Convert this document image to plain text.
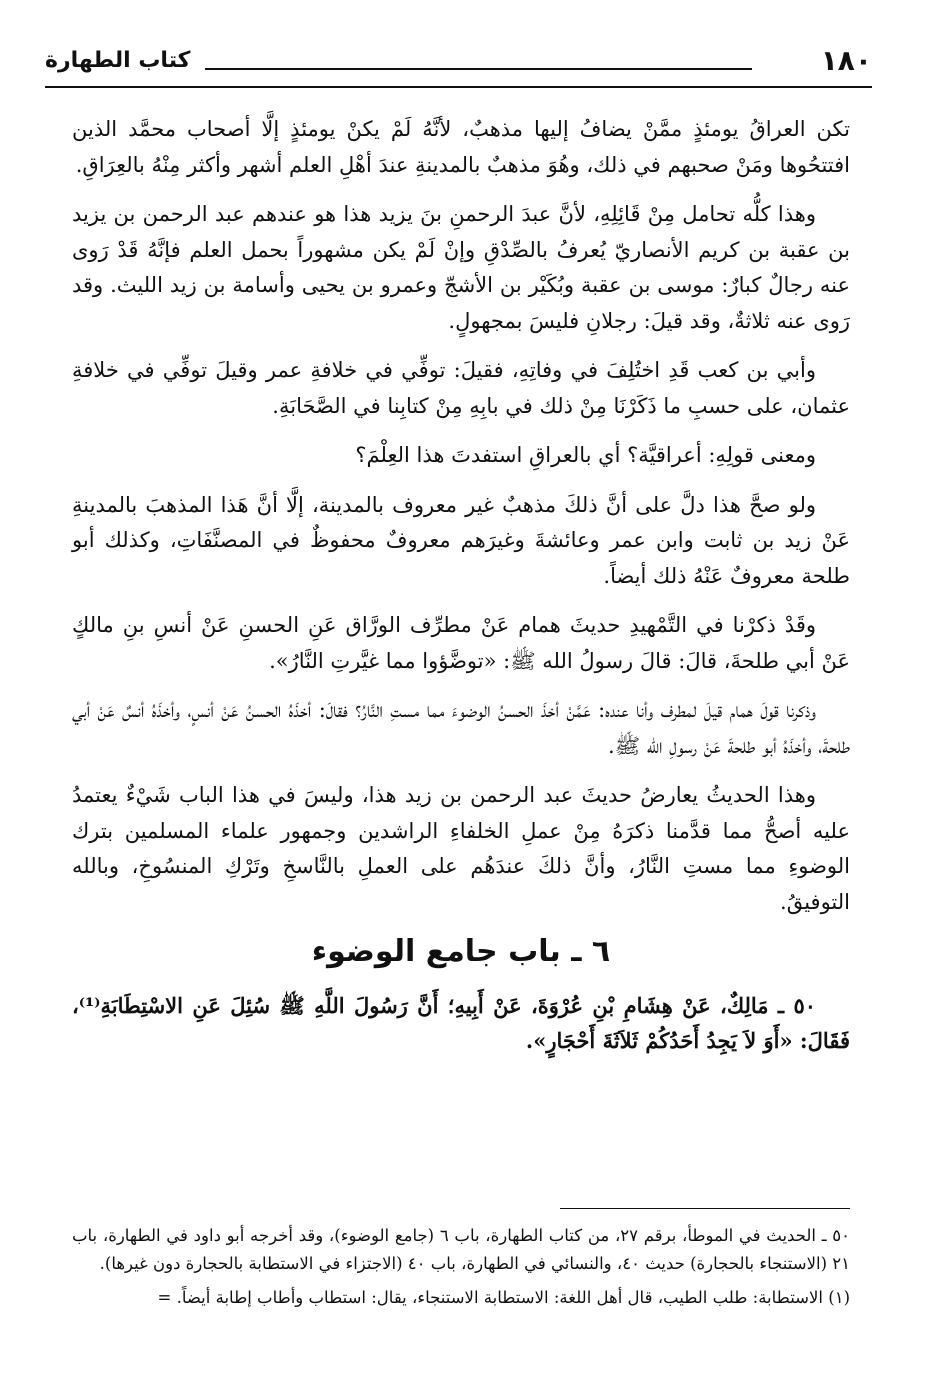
١٨٠
كتاب الطهارة

تكن العراقُ يومئذٍ ممَّنْ يضافُ إليها مذهبٌ، لأنَّهُ لَمْ يكنْ يومئذٍ إلَّا أصحاب محمَّد الذين افتتحُوها ومَنْ صحبهم في ذلك، وهُوَ مذهبٌ بالمدينةِ عندَ أهْلِ العلم أشهر وأكثر مِنْهُ بالعِرَاقِ.

وهذا كلُّه تحامل مِنْ قَائِلِهِ، لأنَّ عبدَ الرحمنِ بنَ يزيد هذا هو عندهم عبد الرحمن بن يزيد بن عقبة بن كريم الأنصاريّ يُعرفُ بالصِّدْقِ وإنْ لَمْ يكن مشهوراً بحمل العلم فإنَّهُ قَدْ رَوى عنه رجالٌ كبارٌ: موسى بن عقبة وبُكَيْر بن الأشجّ وعمرو بن يحيى وأسامة بن زيد الليث. وقد رَوى عنه ثلاثةٌ، وقد قيلَ: رجلانِ فليسَ بمجهولٍ.

وأبي بن كعب قَدِ اختُلِفَ في وفاتِهِ، فقيلَ: توفِّي في خلافةِ عمر وقيلَ توفِّي في خلافةِ عثمان، على حسبِ ما ذَكَرْنَا مِنْ ذلك في بابِهِ مِنْ كتابِنا في الصَّحَابَةِ.

ومعنى قولِهِ: أعراقيَّة؟ أي بالعراقِ استفدتَ هذا العِلْمَ؟

ولو صحَّ هذا دلَّ على أنَّ ذلكَ مذهبٌ غير معروف بالمدينة، إلَّا أنَّ هَذا المذهبَ بالمدينةِ عَنْ زيد بن ثابت وابن عمر وعائشةَ وغيرَهم معروفٌ محفوظٌ في المصنَّفَاتِ، وكذلك أبو طلحة معروفٌ عَنْهُ ذلك أيضاً.

وقَدْ ذكرْنا في التَّمْهيدِ حديثَ همام عَنْ مطرِّف الورَّاق عَنِ الحسنِ عَنْ أنسِ بنِ مالكٍ عَنْ أبي طلحةَ، قالَ: قالَ رسولُ الله ﷺ: «توضَّؤوا مما غيَّرتِ النَّارُ».

وذكرنا قولَ همام قيلَ لمطرف وأنا عنده: عَمَّنْ أخذَ الحسنُ الوضوءَ مما مستِ النَّارُ؟ فقالَ: أخذَهُ الحسنُ عَنْ أنسٍ، وأخذَهُ أنسٌ عَنْ أبي طلحةَ، وأخذَهُ أبو طلحةَ عَنْ رسولِ الله ﷺ.

وهذا الحديثُ يعارضُ حديثَ عبد الرحمن بن زيد هذا، وليسَ في هذا الباب شَيْءٌ يعتمدُ عليه أصحُّ مما قدَّمنا ذكرَهُ مِنْ عملِ الخلفاءِ الراشدين وجمهور علماء المسلمين بترك الوضوءِ مما مستِ النَّارُ، وأنَّ ذلكَ عندَهُم على العملِ بالنَّاسخِ وتَرْكِ المنسُوخِ، وبالله التوفيقُ.

٦ ـ باب جامع الوضوء

٥٠ ـ مَالِكٌ، عَنْ هِشَامِ بْنِ عُرْوَةَ، عَنْ أَبِيهِ؛ أَنَّ رَسُولَ اللَّهِ ﷺ سُئِلَ عَنِ الاسْتِطَابَةِ⁽¹⁾، فَقَالَ: «أَوَ لاَ يَجِدُ أَحَدُكُمْ ثَلاَثَةَ أَحْجَارٍ».

٥٠ ـ الحديث في الموطأ، برقم ٢٧، من كتاب الطهارة، باب ٦ (جامع الوضوء)، وقد أخرجه أبو داود في الطهارة، باب ٢١ (الاستنجاء بالحجارة) حديث ٤٠، والنسائي في الطهارة، باب ٤٠ (الاجتزاء في الاستطابة بالحجارة دون غيرها).

(١) الاستطابة: طلب الطيب، قال أهل اللغة: الاستطابة الاستنجاء، يقال: استطاب وأطاب إطابة أيضاً. =
